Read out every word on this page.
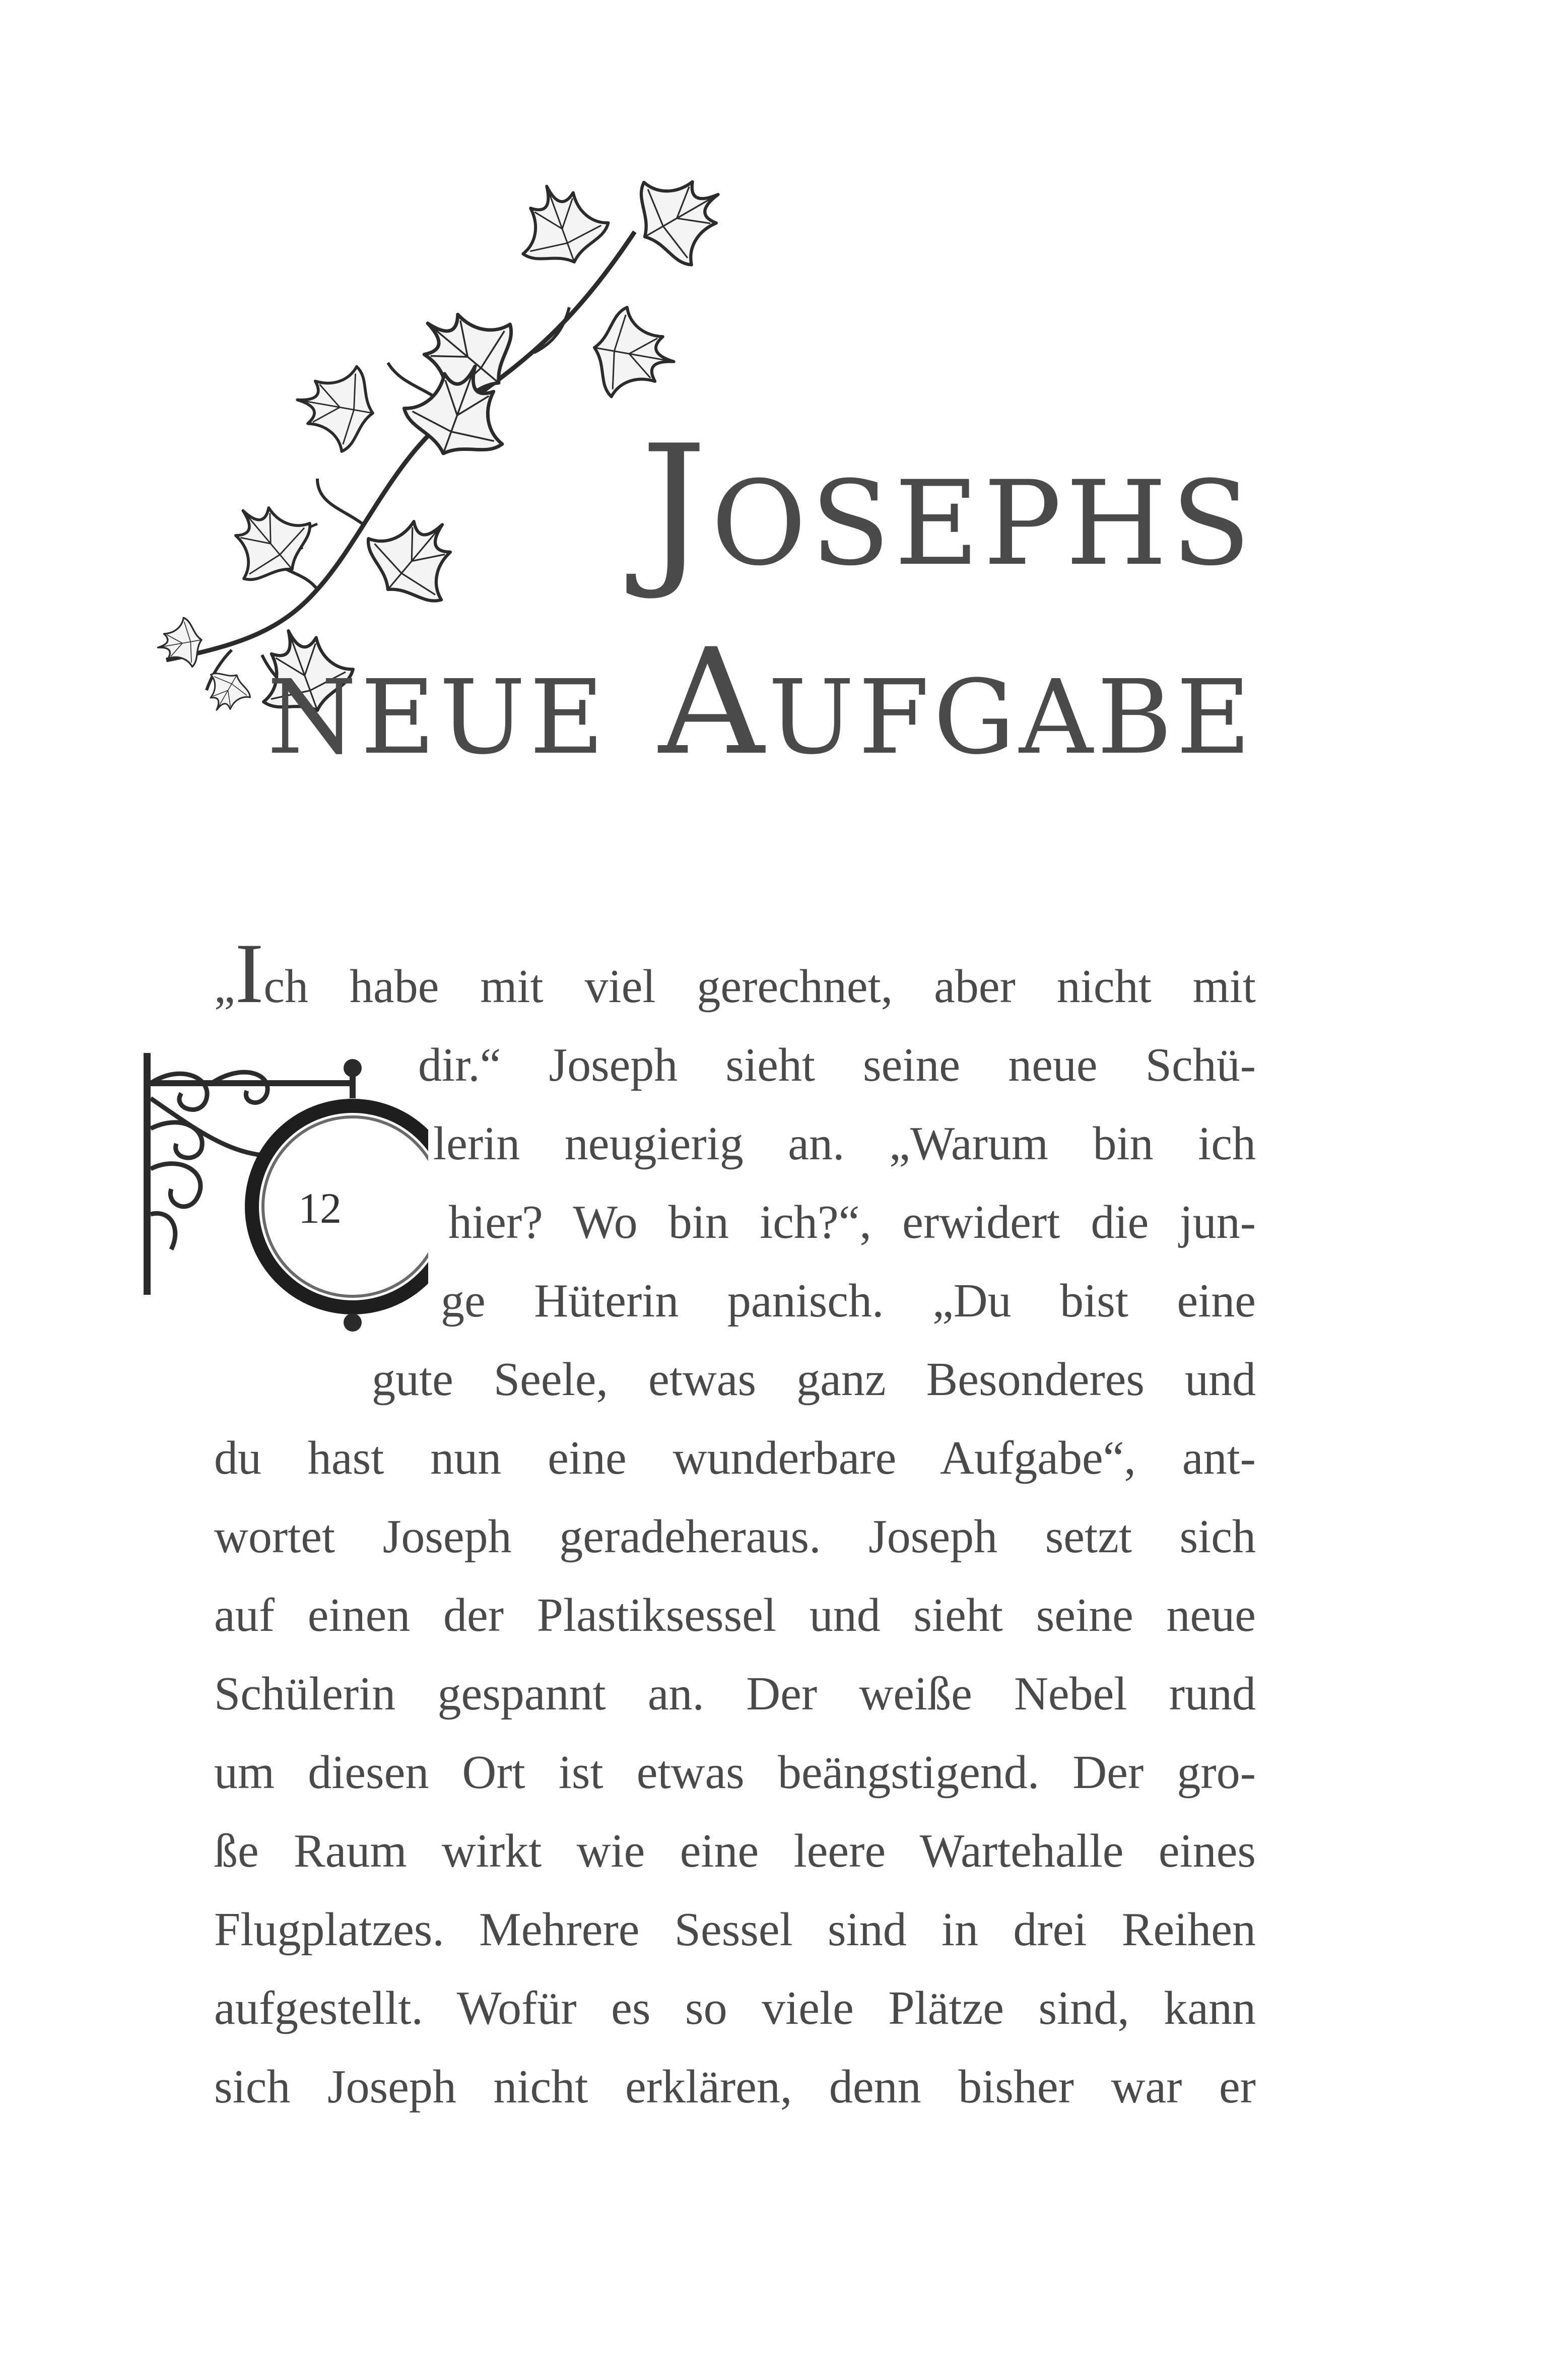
Josephs
neue Aufgabe
12

„Ich habe mit viel gerechnet, aber nicht mit

dir.“ Joseph sieht seine neue Schü-

lerin neugierig an. „Warum bin ich

hier? Wo bin ich?“, erwidert die jun-

ge Hüterin panisch. „Du bist eine

gute Seele, etwas ganz Besonderes und

du hast nun eine wunderbare Aufgabe“, ant-

wortet Joseph geradeheraus. Joseph setzt sich

auf einen der Plastiksessel und sieht seine neue

Schülerin gespannt an. Der weiße Nebel rund

um diesen Ort ist etwas beängstigend. Der gro-

ße Raum wirkt wie eine leere Wartehalle eines

Flugplatzes. Mehrere Sessel sind in drei Reihen

aufgestellt. Wofür es so viele Plätze sind, kann

sich Joseph nicht erklären, denn bisher war er
